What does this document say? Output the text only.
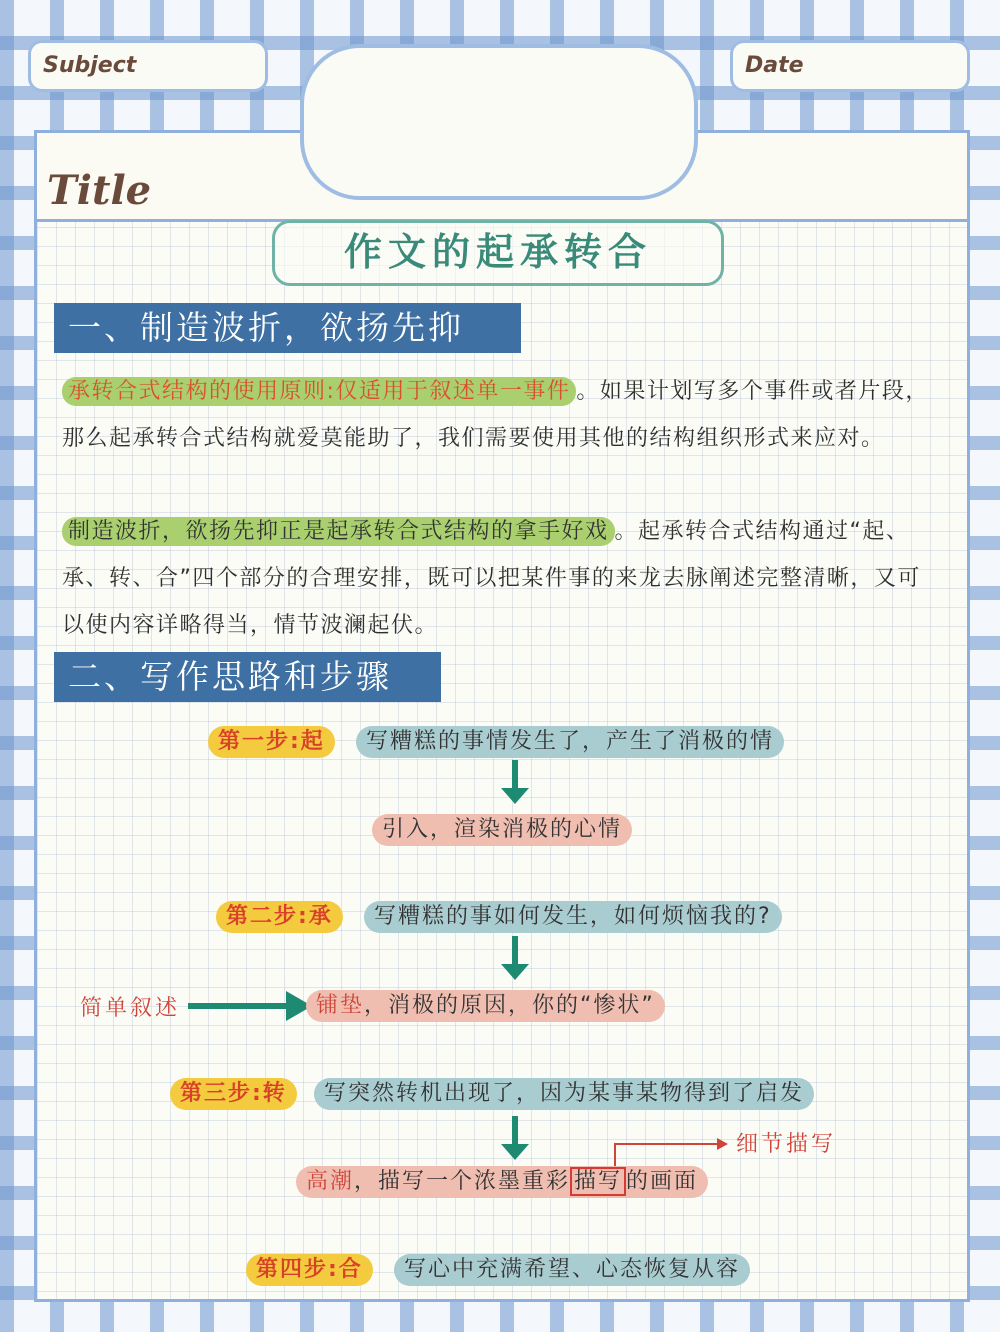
Subject	Date
Title
作文的起承转合
一、制造波折，欲扬先抑
承转合式结构的使用原则:仅适用于叙述单一事件 。如果计划写多个事件或者片段，那么起承转合式结构就爱莫能助了，我们需要使用其他的结构组织形式来应对。
制造波折，欲扬先抑正是起承转合式结构的拿手好戏 。起承转合式结构通过“起、承、转、合”四个部分的合理安排，既可以把某件事的来龙去脉阐述完整清晰，又可以使内容详略得当，情节波澜起伏。
二、写作思路和步骤
第一步:起	写糟糕的事情发生了，产生了消极的情
引入，渲染消极的心情
第二步:承	写糟糕的事如何发生，如何烦恼我的?
简单叙述	铺垫，消极的原因，你的“惨状”
第三步:转	写突然转机出现了，因为某事某物得到了启发
高潮，描写一个浓墨重彩 描写 的画面
细节描写
第四步:合	写心中充满希望、心态恢复从容
